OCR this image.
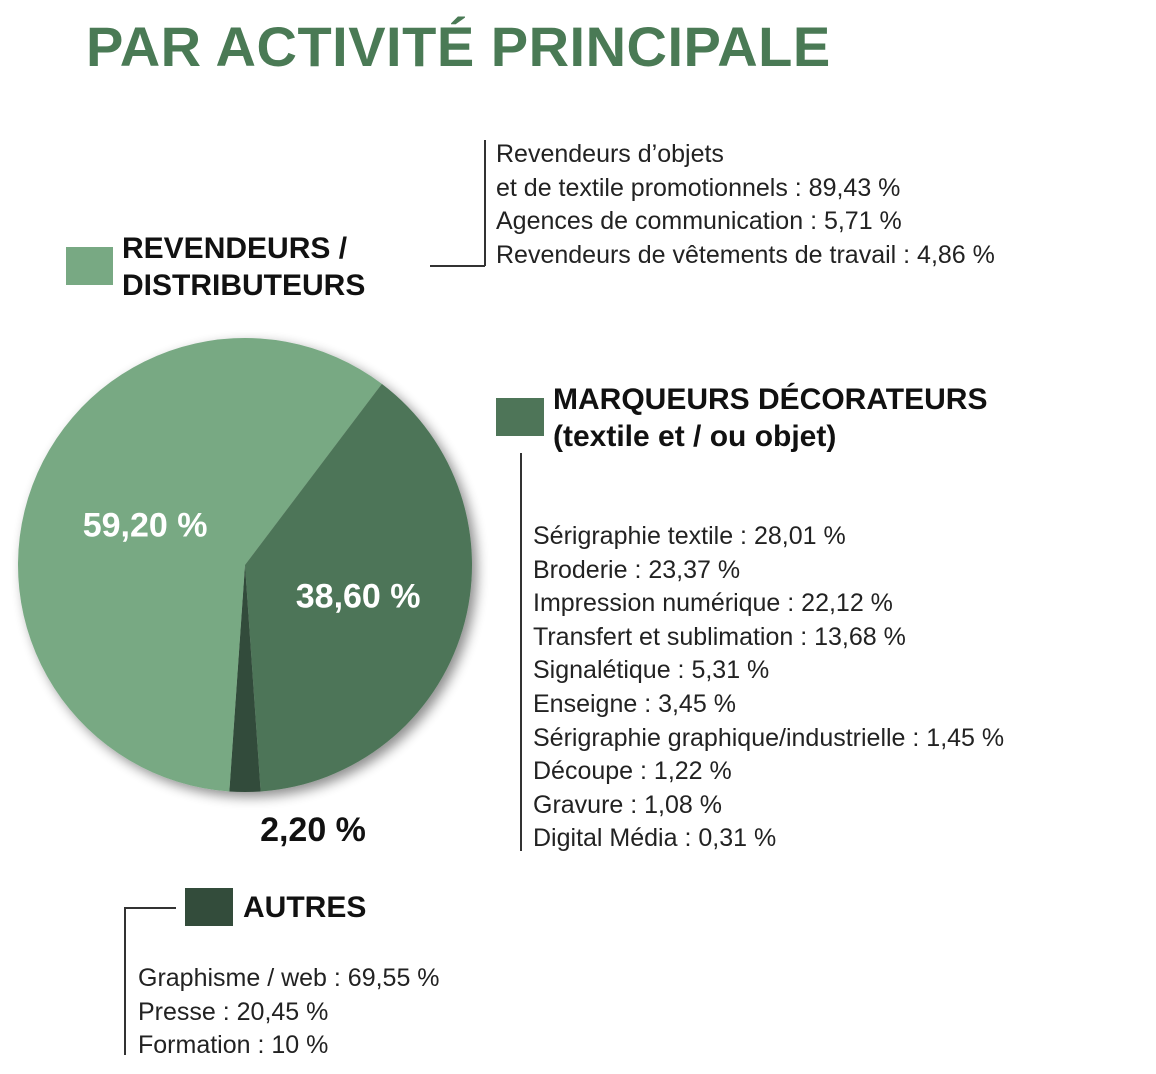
PAR ACTIVITÉ PRINCIPALE
REVENDEURS /
DISTRIBUTEURS
Revendeurs d’objets
et de textile promotionnels : 89,43 %
Agences de communication : 5,71 %
Revendeurs de vêtements de travail : 4,86 %
MARQUEURS DÉCORATEURS
(textile et / ou objet)
Sérigraphie textile : 28,01 %
Broderie : 23,37 %
Impression numérique : 22,12 %
Transfert et sublimation : 13,68 %
Signalétique : 5,31 %
Enseigne : 3,45 %
Sérigraphie graphique/industrielle : 1,45 %
Découpe : 1,22 %
Gravure : 1,08 %
Digital Média : 0,31 %
AUTRES
Graphisme / web : 69,55 %
Presse : 20,45 %
Formation : 10 %
59,20 %
38,60 %
2,20 %
